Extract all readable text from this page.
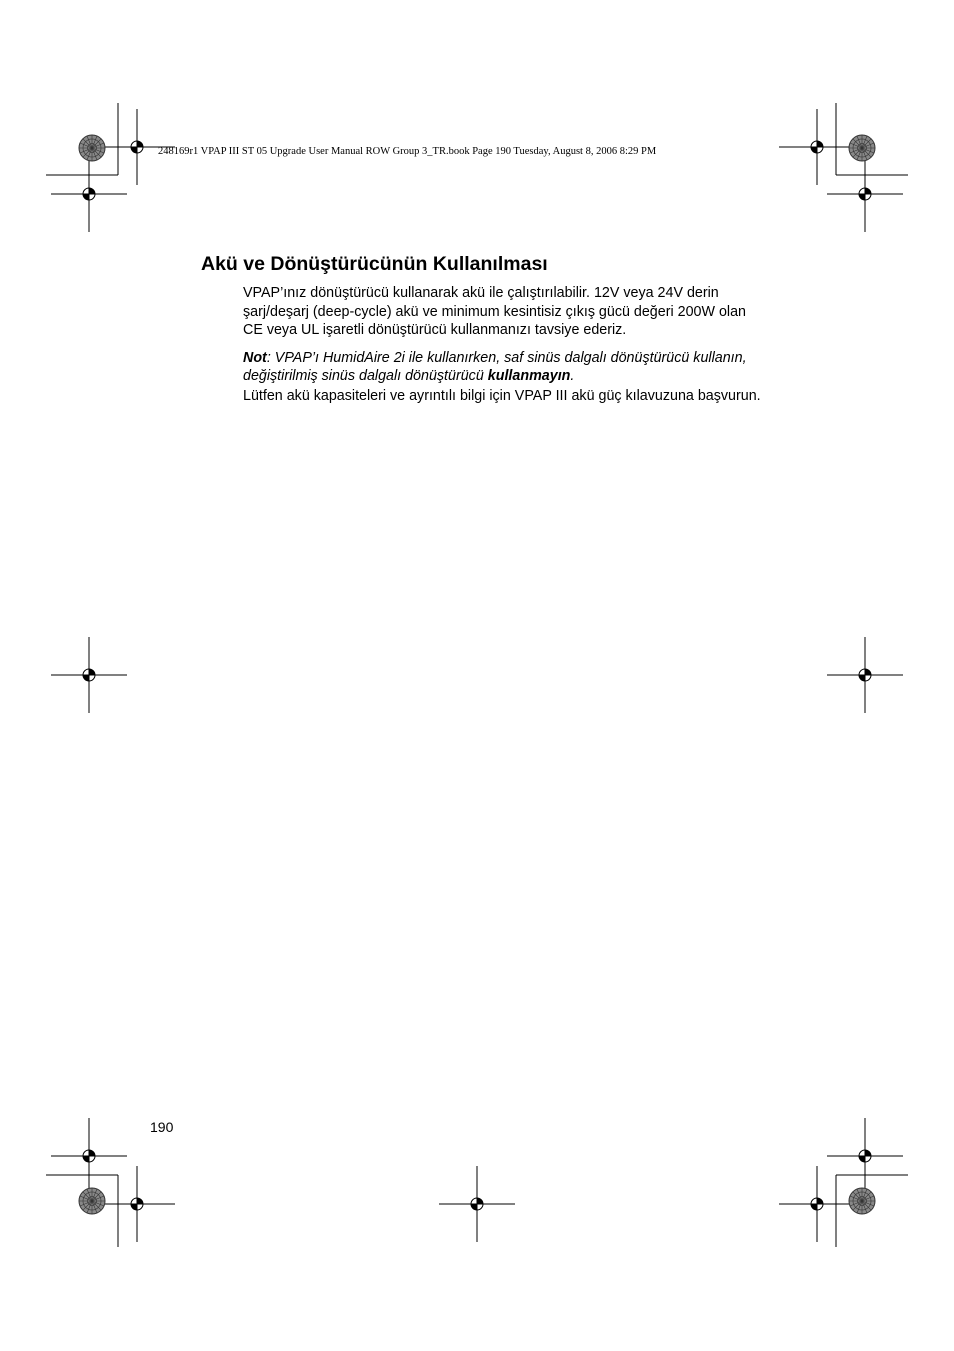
248169r1 VPAP III ST 05 Upgrade User Manual ROW Group 3_TR.book Page 190 Tuesday, August 8, 2006 8:29 PM
Akü ve Dönüştürücünün Kullanılması

VPAP’ınız dönüştürücü kullanarak akü ile çalıştırılabilir. 12V veya 24V derin şarj/deşarj (deep-cycle) akü ve minimum kesintisiz çıkış gücü değeri 200W olan CE veya UL işaretli dönüştürücü kullanmanızı tavsiye ederiz.

Not: VPAP’ı HumidAire 2i ile kullanırken, saf sinüs dalgalı dönüştürücü kullanın, değiştirilmiş sinüs dalgalı dönüştürücü kullanmayın.

Lütfen akü kapasiteleri ve ayrıntılı bilgi için VPAP III akü güç kılavuzuna başvurun.

190
